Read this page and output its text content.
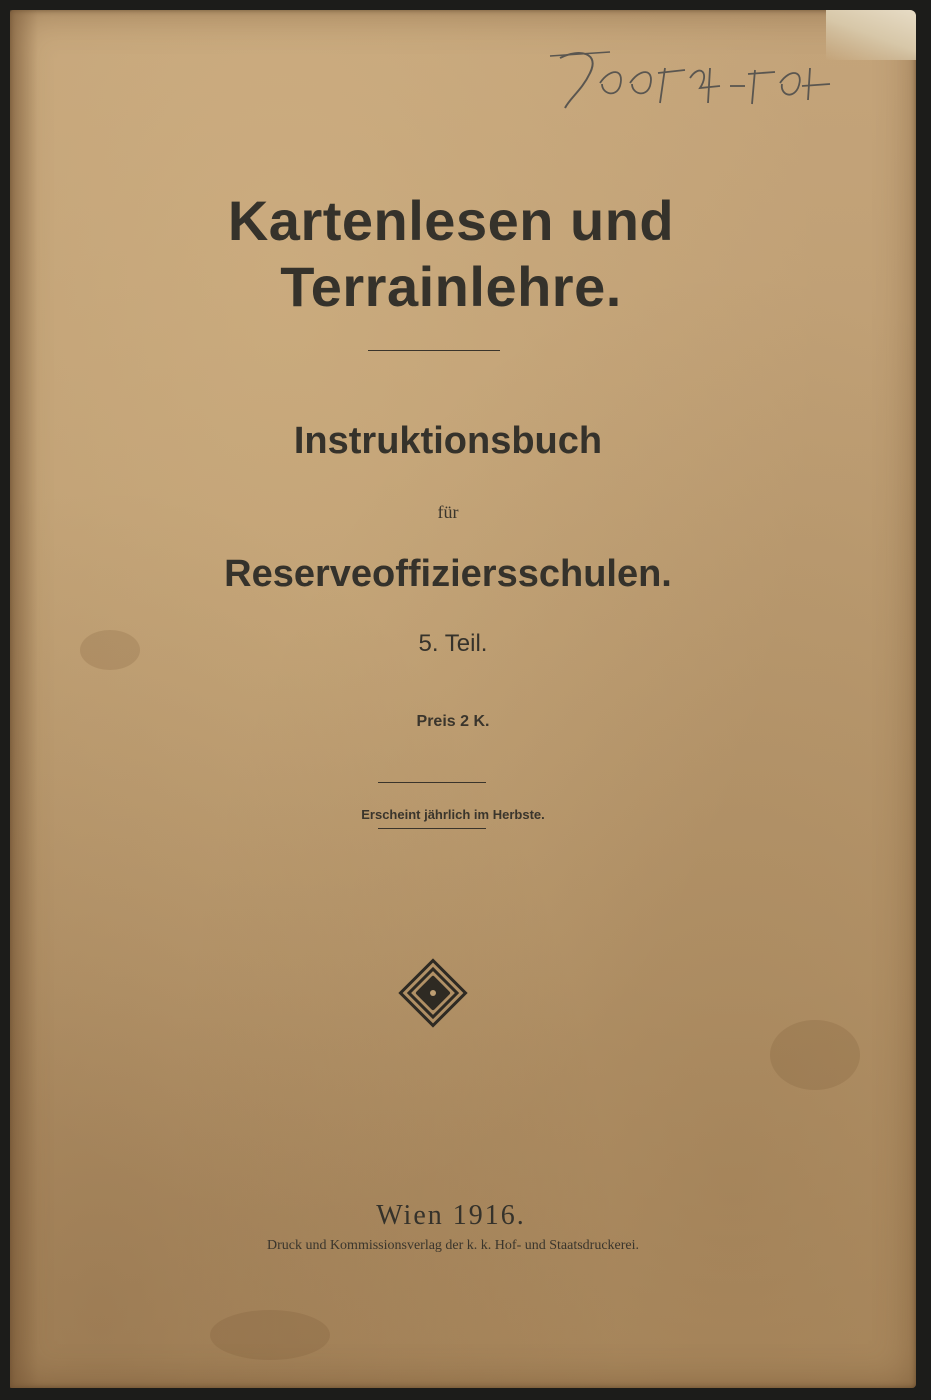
Kartenlesen und
Terrainlehre.
Instruktionsbuch
für
Reserveoffiziersschulen.
5. Teil.
Preis 2 K.
Erscheint jährlich im Herbste.
Wien 1916.
Druck und Kommissionsverlag der k. k. Hof- und Staatsdruckerei.
